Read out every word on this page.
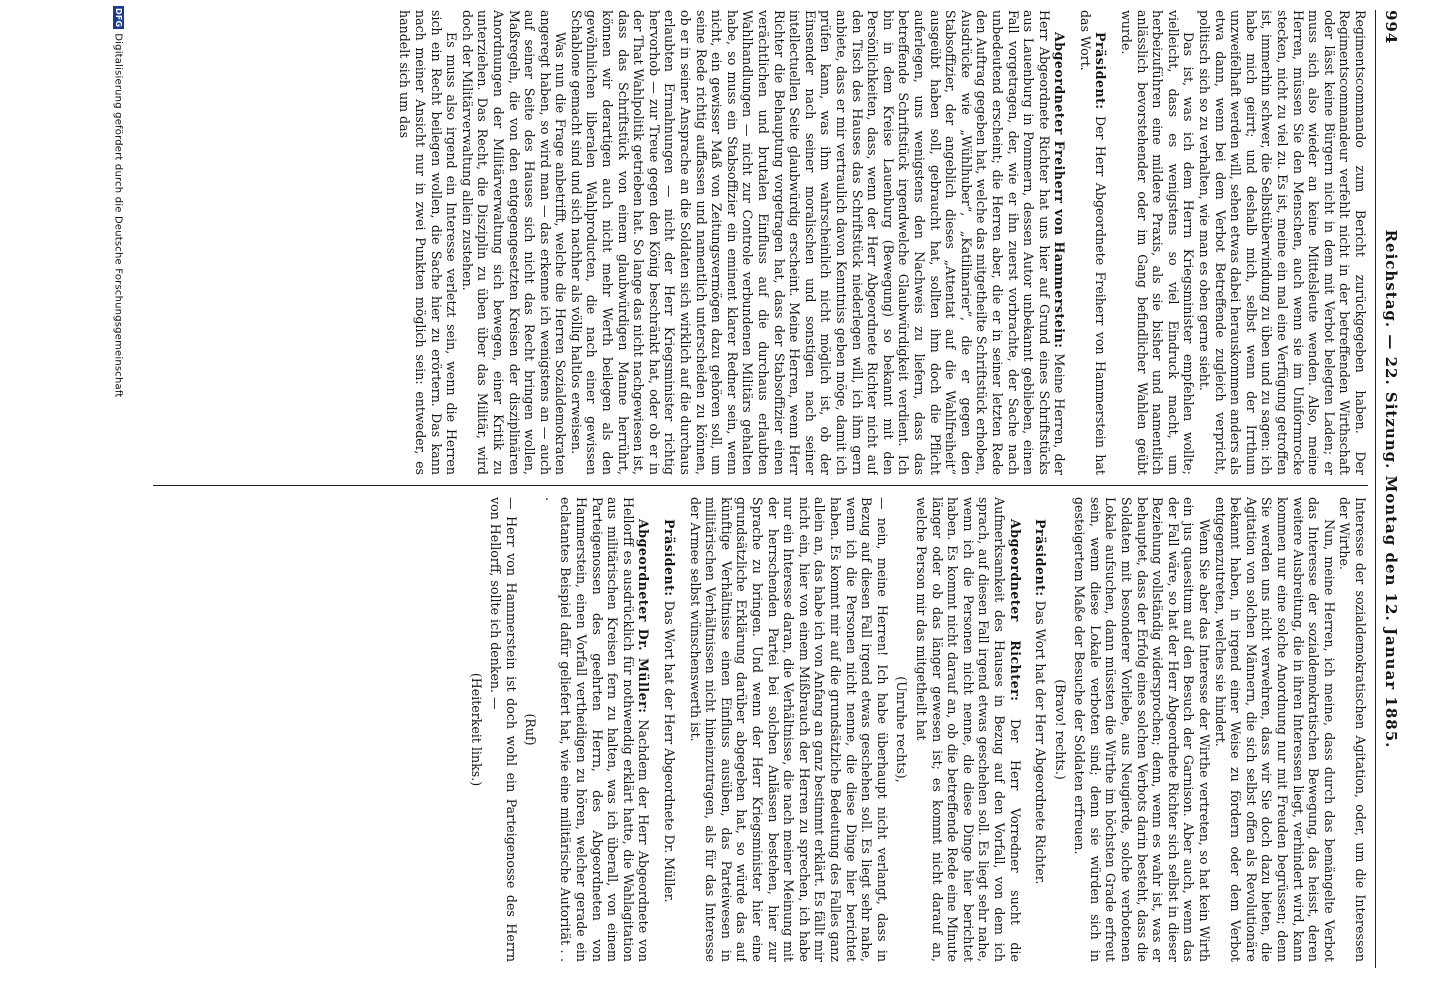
994
Reichstag. — 22. Sitzung. Montag den 12. Januar 1885.

Regimentscommando zum Bericht zurückgegeben haben. Der Regimentscommandeur verfehlt nicht in der betreffenden Wirthschaft oder lässt keine Bürgern nicht in dem mit Verbot belegten Laden; er muss sich also wieder an keine Mittelsleute wenden. Also, meine Herren, müssen Sie den Menschen, auch wenn sie im Uniformrocke stecken, nicht zu viel zu. Es ist, meine ein mal eine Verfügung getroffen ist, immerhin schwer, die Selbstüberwindung zu üben und zu sagen: ich habe mich geirrt; und deshalb mich, selbst wenn der Irrthum unzweifelhaft werden will, sehen etwas dabei herauskommen anders als etwa dann, wenn bei dem Verbot Betreffende zugleich verpricht, politisch sich so zu verhalten, wie man es oben gerne sieht.

Das ist, was ich dem Herrn Kriegsminister empfehlen wollte; vielleicht, dass es wenigstens so viel Eindruck macht, um herbeizuführen eine mildere Praxis, als sie bisher und namentlich anlässlich bevorstehender oder im Gang befindlicher Wahlen geübt wurde.

Präsident: Der Herr Abgeordnete Freiherr von Hammerstein hat das Wort.

Abgeordneter Freiherr von Hammerstein: Meine Herren, der Herr Abgeordnete Richter hat uns hier auf Grund eines Schriftstücks aus Lauenburg in Pommern, dessen Autor unbekannt geblieben, einen Fall vorgetragen, der, wie er ihn zuerst vorbrachte, der Sache nach unbedeutend erscheint; die Herren aber, die er in seiner letzten Rede den Auftrag gegeben hat, welche das mitgetheilte Schriftstück erhoben, Ausdrücke wie „Wühlhuber“, „Katilinarier“, die er gegen den Stabsoffizier, der angeblich dieses „Attentat auf die Wahlfreiheit“ ausgeübt haben soll, gebraucht hat, sollten ihm doch die Pflicht auferlegen, uns wenigstens den Nachweis zu liefern, dass das betreffende Schriftstück irgendwelche Glaubwürdigkeit verdient. Ich bin in dem Kreise Lauenburg (Bewegung) so bekannt mit den Persönlichkeiten, dass, wenn der Herr Abgeordnete Richter nicht auf den Tisch des Hauses das Schriftstück niederlegen will, ich ihm gern anbiete, dass er mir vertraulich davon Kenntniss geben möge, damit ich prüfen kann, was ihm wahrscheinlich nicht möglich ist, ob der Einsender nach seiner moralischen und sonstigen nach seiner intellectuellen Seite glaubwürdig erscheint. Meine Herren, wenn Herr Richter die Behauptung vorgetragen hat, dass der Stabsoffizier einen verächtlichen und brutalen Einfluss auf die durchaus erlaubten Wahlhandlungen — nicht zur Controle verbundenen Militärs gehalten habe, so muss ein Stabsoffizier ein eminent klarer Redner sein, wenn nicht, ein gewisser Maß von Zeitungsvermögen dazu gehören soll, um seine Rede richtig auffassen und namentlich unterscheiden zu können, ob er in seiner Ansprache an die Soldaten sich wirklich auf die durchaus erlaubten Ermahnungen — nicht der Herr Kriegsminister richtig hervorhob — zur Treue gegen den König beschränkt hat, oder ob er in der That Wahlpolitik getrieben hat. So lange das nicht nachgewiesen ist, dass das Schriftstück von einem glaubwürdigen Manne herrührt, können wir derartigen auch nicht mehr Werth beilegen als den gewöhnlichen liberalen Wahlproducten, die nach einer gewissen Schablone gemacht sind und sich nachher als völlig haltlos erweisen.

Was nun die Frage anbetrifft, welche die Herren Sozialdemokraten angeregt haben, so wird man — das erkenne ich wenigstens an — auch auf seiner Seite des Hauses sich nicht das Recht bringen wollen, Maßregeln, die von den entgegengesetzten Kreisen der disziplinären Anordnungen der Militärverwaltung sich bewegen, einer Kritik zu unterziehen. Das Recht, die Disziplin zu üben über das Militär, wird doch der Militärverwaltung allein zustehen.

Es muss also irgend ein Interesse verletzt sein, wenn die Herren sich ein Recht beilegen wollen, die Sache hier zu erörtern. Das kann nach meiner Ansicht nur in zwei Punkten möglich sein: entweder, es handelt sich um das

Interesse der sozialdemokratischen Agitation, oder, um die Interessen der Wirthe.

Nun, meine Herren, ich meine, dass durch das bemängelte Verbot das Interesse der sozialdemokratischen Bewegung, das heisst, deren weitere Ausbreitung, die in ihren Interessen liegt, verhindert wird, kann kommen nur eine solche Anordnung nur mit Freuden begrüssen; denn Sie werden uns nicht verwehren, dass wir Sie doch dazu bieten, die Agitation von solchen Männern, die sich selbst offen als Revolutionäre bekannt haben, in irgend einer Weise zu fördern oder dem Verbot entgegenzutreten, welches sie hindert.

Wenn Sie aber das Interesse der Wirthe vertreten, so hat kein Wirth ein jus quaesitum auf den Besuch der Garnison. Aber auch, wenn das der Fall wäre, so hat der Herr Abgeordnete Richter sich selbst in dieser Beziehung vollständig widersprochen; denn, wenn es wahr ist, was er behauptet, dass der Erfolg eines solchen Verbots darin besteht, dass die Soldaten mit besonderer Vorliebe, aus Neugierde, solche verbotenen Lokale aufsuchen, dann müssten die Wirthe im höchsten Grade erfreut sein, wenn diese Lokale verboten sind; denn sie würden sich in gesteigertem Maße der Besuche der Soldaten erfreuen.

(Bravo! rechts.)

Präsident: Das Wort hat der Herr Abgeordnete Richter.

Abgeordneter Richter: Der Herr Vorredner sucht die Aufmerksamkeit des Hauses in Bezug auf den Vorfall, von dem ich sprach, auf diesen Fall irgend etwas geschehen soll. Es liegt sehr nahe, wenn ich die Personen nicht nenne, die diese Dinge hier berichtet haben. Es kommt nicht darauf an, ob die betreffende Rede eine Minute länger oder ob das länger gewesen ist; es kommt nicht darauf an, welche Person mir das mitgetheilt hat

(Unruhe rechts),

— nein, meine Herren! Ich habe überhaupt nicht verlangt, dass in Bezug auf diesen Fall irgend etwas geschehen soll. Es liegt sehr nahe, wenn ich die Personen nicht nenne, die diese Dinge hier berichtet haben. Es kommt mir auf die grundsätzliche Bedeutung des Falles ganz allein an, das habe ich von Anfang an ganz bestimmt erklärt. Es fällt mir nicht ein, hier von einem Mißbrauch der Herren zu sprechen, ich habe nur ein Interesse daran, die Verhältnisse, die nach meiner Meinung mit der herrschenden Partei bei solchen Anlässen bestehen, hier zur Sprache zu bringen. Und wenn der Herr Kriegsminister hier eine grundsätzliche Erklärung darüber abgegeben hat, so würde das auf künftige Verhältnisse einen Einfluss ausüben, das Parteiwesen in militärischen Verhältnissen nicht hineinzutragen, als für das Interesse der Armee selbst wünschenswerth ist.

Präsident: Das Wort hat der Herr Abgeordnete Dr. Müller.

Abgeordneter Dr. Müller: Nachdem der Herr Abgeordnete von Hellorff es ausdrücklich für nothwendig erklärt hatte, die Wahlagitation aus militärischen Kreisen fern zu halten, was ich überall, von einem Parteigenossen des geehrten Herrn, des Abgeordneten von Hammerstein, einen Vorfall vertheidigen zu hören, welcher gerade ein eclatantes Beispiel dafür geliefert hat, wie eine militärische Autorität . . .

(Ruf)

— Herr von Hammerstein ist doch wohl ein Parteigenosse des Herrn von Hellorff, sollte ich denken. —

(Heiterkeit links.)

DFGDigitalisierung gefördert durch die Deutsche Forschungsgemeinschaft
